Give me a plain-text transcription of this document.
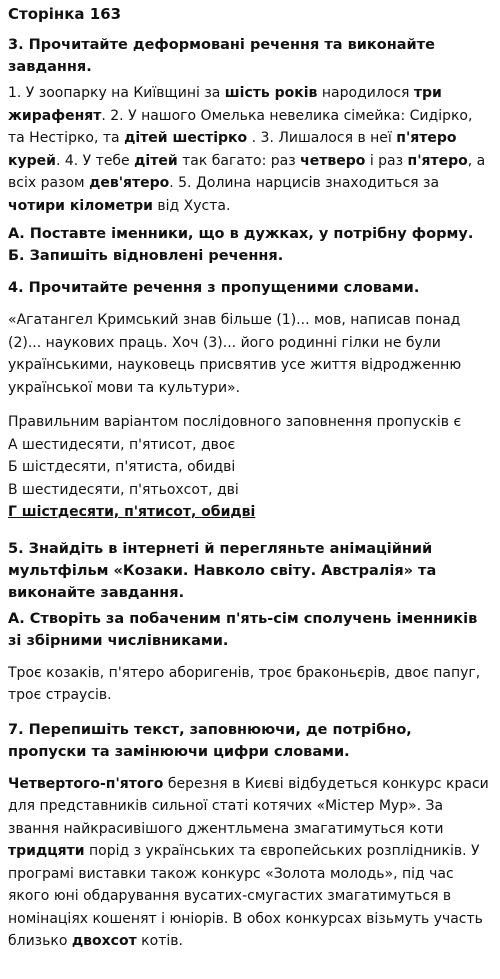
Сторінка 163
3. Прочитайте деформовані речення та виконайте завдання.
1. У зоопарку на Київщині за шість років народилося три жирафенят. 2. У нашого Омелька невелика сімейка: Сидірко, та Нестірко, та дітей шестірко . 3. Лишалося в неї п'ятеро курей. 4. У тебе дітей так багато: раз четверо і раз п'ятеро, а всіх разом дев'ятеро. 5. Долина нарцисів знаходиться за чотири кілометри від Хуста.
А. Поставте іменники, що в дужках, у потрібну форму.
Б. Запишіть відновлені речення.
4. Прочитайте речення з пропущеними словами.
«Агатангел Кримський знав більше (1)... мов, написав понад (2)... наукових праць. Хоч (3)... його родинні гілки не були українськими, науковець присвятив усе життя відродженню української мови та культури».
Правильним варіантом послідовного заповнення пропусків є
А шестидесяти, п'ятисот, двоє
Б шістдесяти, п'ятиста, обидві
В шестидесяти, п'ятьохсот, дві
Г шістдесяти, п'ятисот, обидві
5. Знайдіть в інтернеті й перегляньте анімаційний мультфільм «Козаки. Навколо світу. Австралія» та виконайте завдання.
А. Створіть за побаченим п'ять-сім сполучень іменників зі збірними числівниками.
Троє козаків, п'ятеро аборигенів, троє браконьєрів, двоє папуг, троє страусів.
7. Перепишіть текст, заповнюючи, де потрібно, пропуски та замінюючи цифри словами.
Четвертого-п'ятого березня в Києві відбудеться конкурс краси для представників сильної статі котячих «Містер Мур». За звання найкрасивішого джентльмена змагатимуться коти тридцяти порід з українських та європейських розплідників. У програмі виставки також конкурс «Золота молодь», під час якого юні обдарування вусатих-смугастих змагатимуться в номінаціях кошенят і юніорів. В обох конкурсах візьмуть участь близько двохсот котів.
